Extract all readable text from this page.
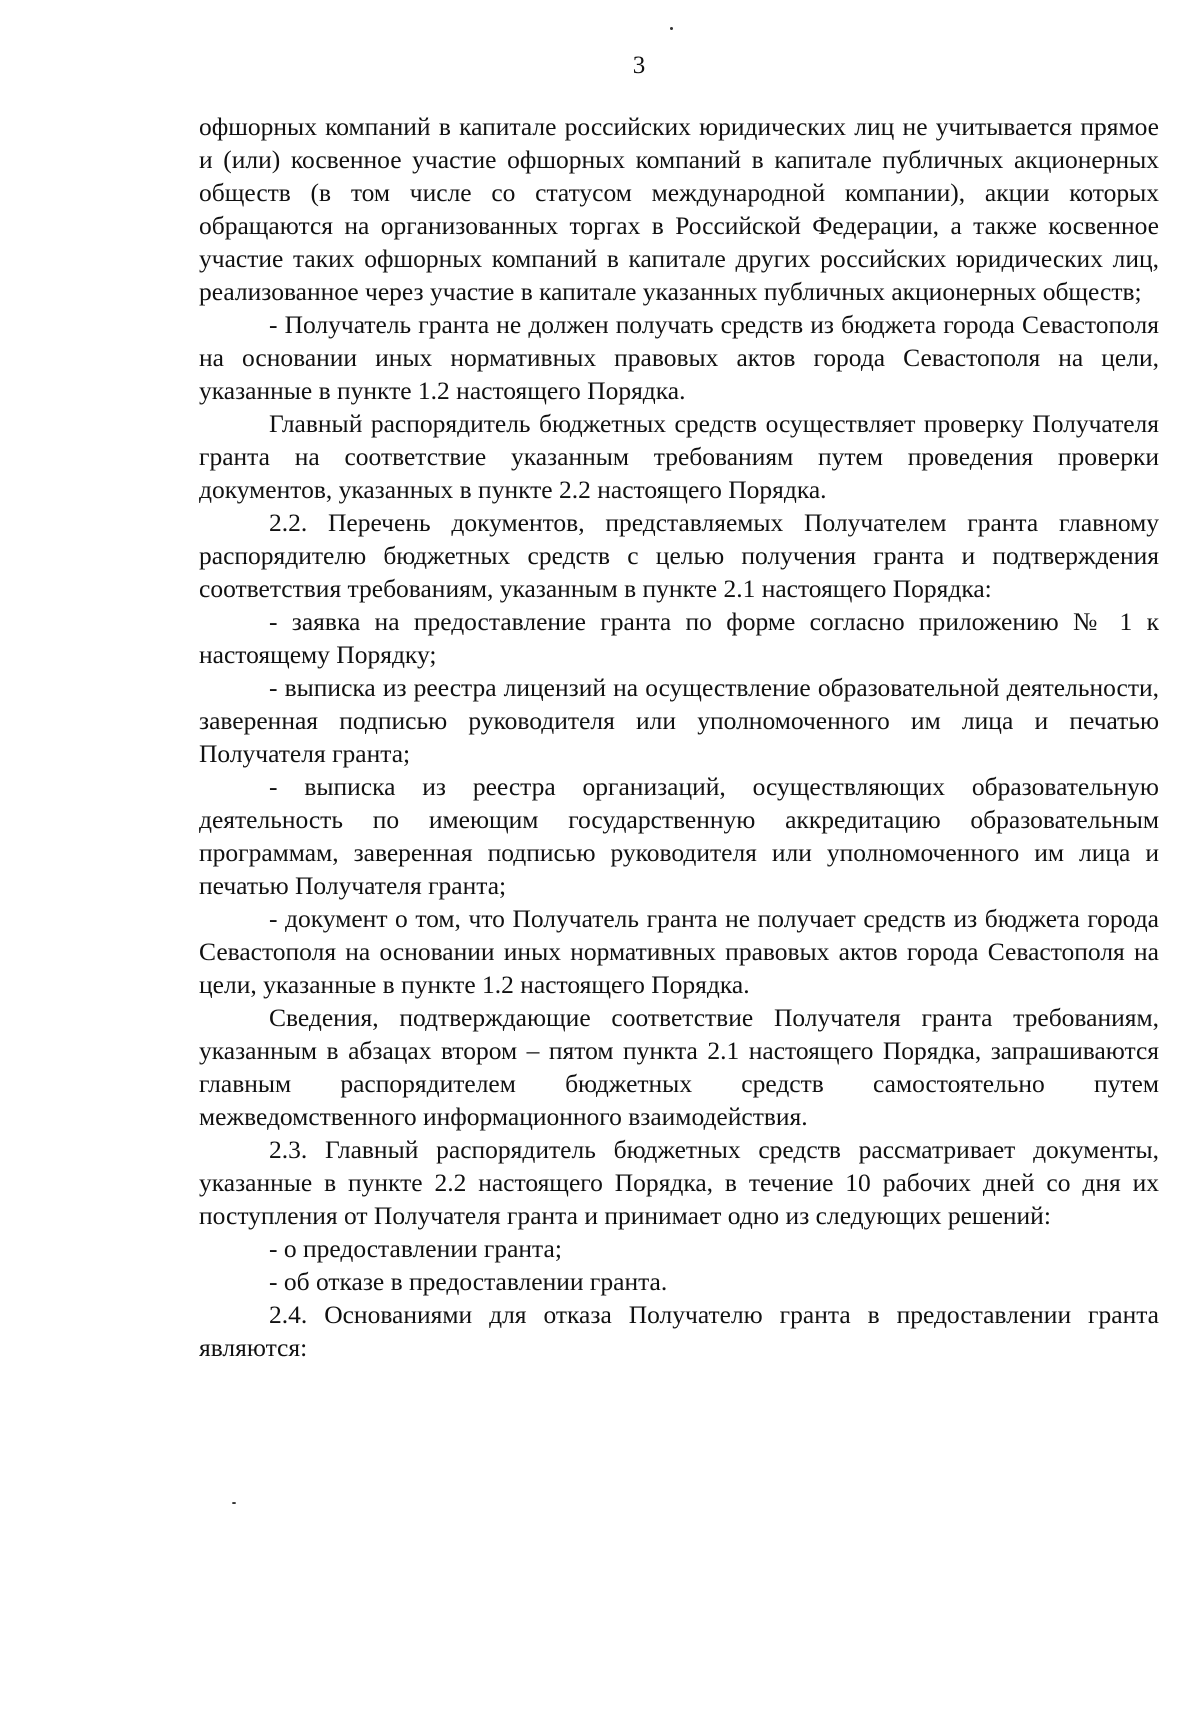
3

офшорных компаний в капитале российских юридических лиц не учитывается прямое и (или) косвенное участие офшорных компаний в капитале публичных акционерных обществ (в том числе со статусом международной компании), акции которых обращаются на организованных торгах в Российской Федерации, а также косвенное участие таких офшорных компаний в капитале других российских юридических лиц, реализованное через участие в капитале указанных публичных акционерных обществ;

- Получатель гранта не должен получать средств из бюджета города Севастополя на основании иных нормативных правовых актов города Севастополя на цели, указанные в пункте 1.2 настоящего Порядка.

Главный распорядитель бюджетных средств осуществляет проверку Получателя гранта на соответствие указанным требованиям путем проведения проверки документов, указанных в пункте 2.2 настоящего Порядка.

2.2. Перечень документов, представляемых Получателем гранта главному распорядителю бюджетных средств с целью получения гранта и подтверждения соответствия требованиям, указанным в пункте 2.1 настоящего Порядка:

- заявка на предоставление гранта по форме согласно приложению № 1 к настоящему Порядку;

- выписка из реестра лицензий на осуществление образовательной деятельности, заверенная подписью руководителя или уполномоченного им лица и печатью Получателя гранта;

- выписка из реестра организаций, осуществляющих образовательную деятельность по имеющим государственную аккредитацию образовательным программам, заверенная подписью руководителя или уполномоченного им лица и печатью Получателя гранта;

- документ о том, что Получатель гранта не получает средств из бюджета города Севастополя на основании иных нормативных правовых актов города Севастополя на цели, указанные в пункте 1.2 настоящего Порядка.

Сведения, подтверждающие соответствие Получателя гранта требованиям, указанным в абзацах втором – пятом пункта 2.1 настоящего Порядка, запрашиваются главным распорядителем бюджетных средств самостоятельно путем межведомственного информационного взаимодействия.

2.3. Главный распорядитель бюджетных средств рассматривает документы, указанные в пункте 2.2 настоящего Порядка, в течение 10 рабочих дней со дня их поступления от Получателя гранта и принимает одно из следующих решений:

- о предоставлении гранта;

- об отказе в предоставлении гранта.

2.4. Основаниями для отказа Получателю гранта в предоставлении гранта являются:
